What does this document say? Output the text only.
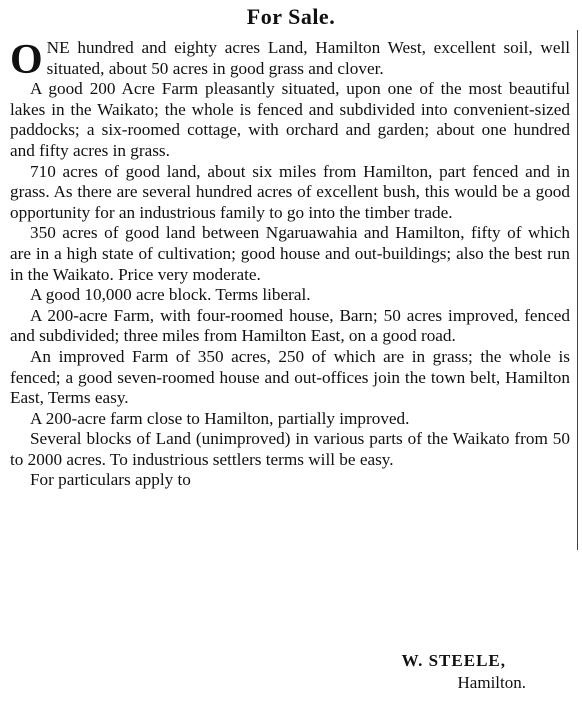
For Sale.

ONE hundred and eighty acres Land, Hamilton West, excellent soil, well situated, about 50 acres in good grass and clover.

A good 200 Acre Farm pleasantly situated, upon one of the most beautiful lakes in the Waikato; the whole is fenced and subdivided into convenient-sized paddocks; a six-roomed cottage, with orchard and garden; about one hundred and fifty acres in grass.

710 acres of good land, about six miles from Hamilton, part fenced and in grass. As there are several hundred acres of excellent bush, this would be a good opportunity for an industrious family to go into the timber trade.

350 acres of good land between Ngaruawahia and Hamilton, fifty of which are in a high state of cultivation; good house and out-buildings; also the best run in the Waikato. Price very moderate.

A good 10,000 acre block. Terms liberal.

A 200-acre Farm, with four-roomed house, Barn; 50 acres improved, fenced and subdivided; three miles from Hamilton East, on a good road.

An improved Farm of 350 acres, 250 of which are in grass; the whole is fenced; a good seven-roomed house and out-offices join the town belt, Hamilton East, Terms easy.

A 200-acre farm close to Hamilton, partially improved.

Several blocks of Land (unimproved) in various parts of the Waikato from 50 to 2000 acres. To industrious settlers terms will be easy.

For particulars apply to

W. STEELE,
Hamilton.
